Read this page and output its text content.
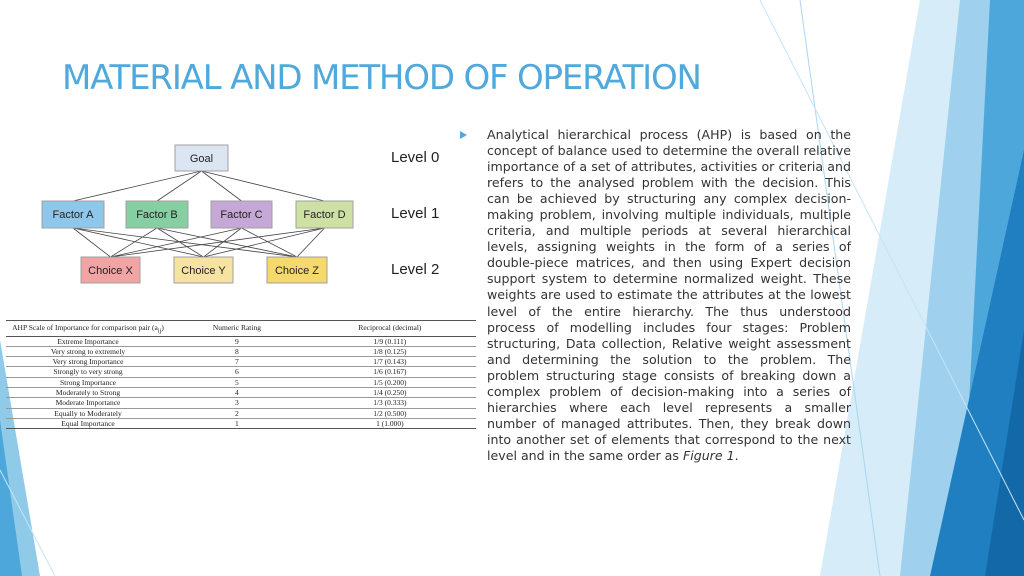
MATERIAL AND METHOD OF OPERATION
Goal
Factor A	Factor B	Factor C	Factor D
Choice X	Choice Y	Choice Z
Level 0
Level 1
Level 2
AHP Scale of Importance for comparison pair $(a_{ij})$	Numeric Rating	Reciprocal (decimal)
Extreme Importance	9	1/9 (0.111)
Very strong to extremely	8	1/8 (0.125)
Very strong Importance	7	1/7 (0.143)
Strongly to very strong	6	1/6 (0.167)
Strong Importance	5	1/5 (0.200)
Moderately to Strong	4	1/4 (0.250)
Moderate Importance	3	1/3 (0.333)
Equally to Moderately	2	1/2 (0.500)
Equal Importance	1	1 (1.000)

Analytical hierarchical process (AHP) is based on the concept of balance used to determine the overall relative importance of a set of attributes, activities or criteria and refers to the analysed problem with the decision. This can be achieved by structuring any complex decision-making problem, involving multiple individuals, multiple criteria, and multiple periods at several hierarchical levels, assigning weights in the form of a series of double-piece matrices, and then using Expert decision support system to determine normalized weight. These weights are used to estimate the attributes at the lowest level of the entire hierarchy. The thus understood process of modelling includes four stages: Problem structuring, Data collection, Relative weight assessment and determining the solution to the problem. The problem structuring stage consists of breaking down a complex problem of decision-making into a series of hierarchies where each level represents a smaller number of managed attributes. Then, they break down into another set of elements that correspond to the next level and in the same order as Figure 1.
